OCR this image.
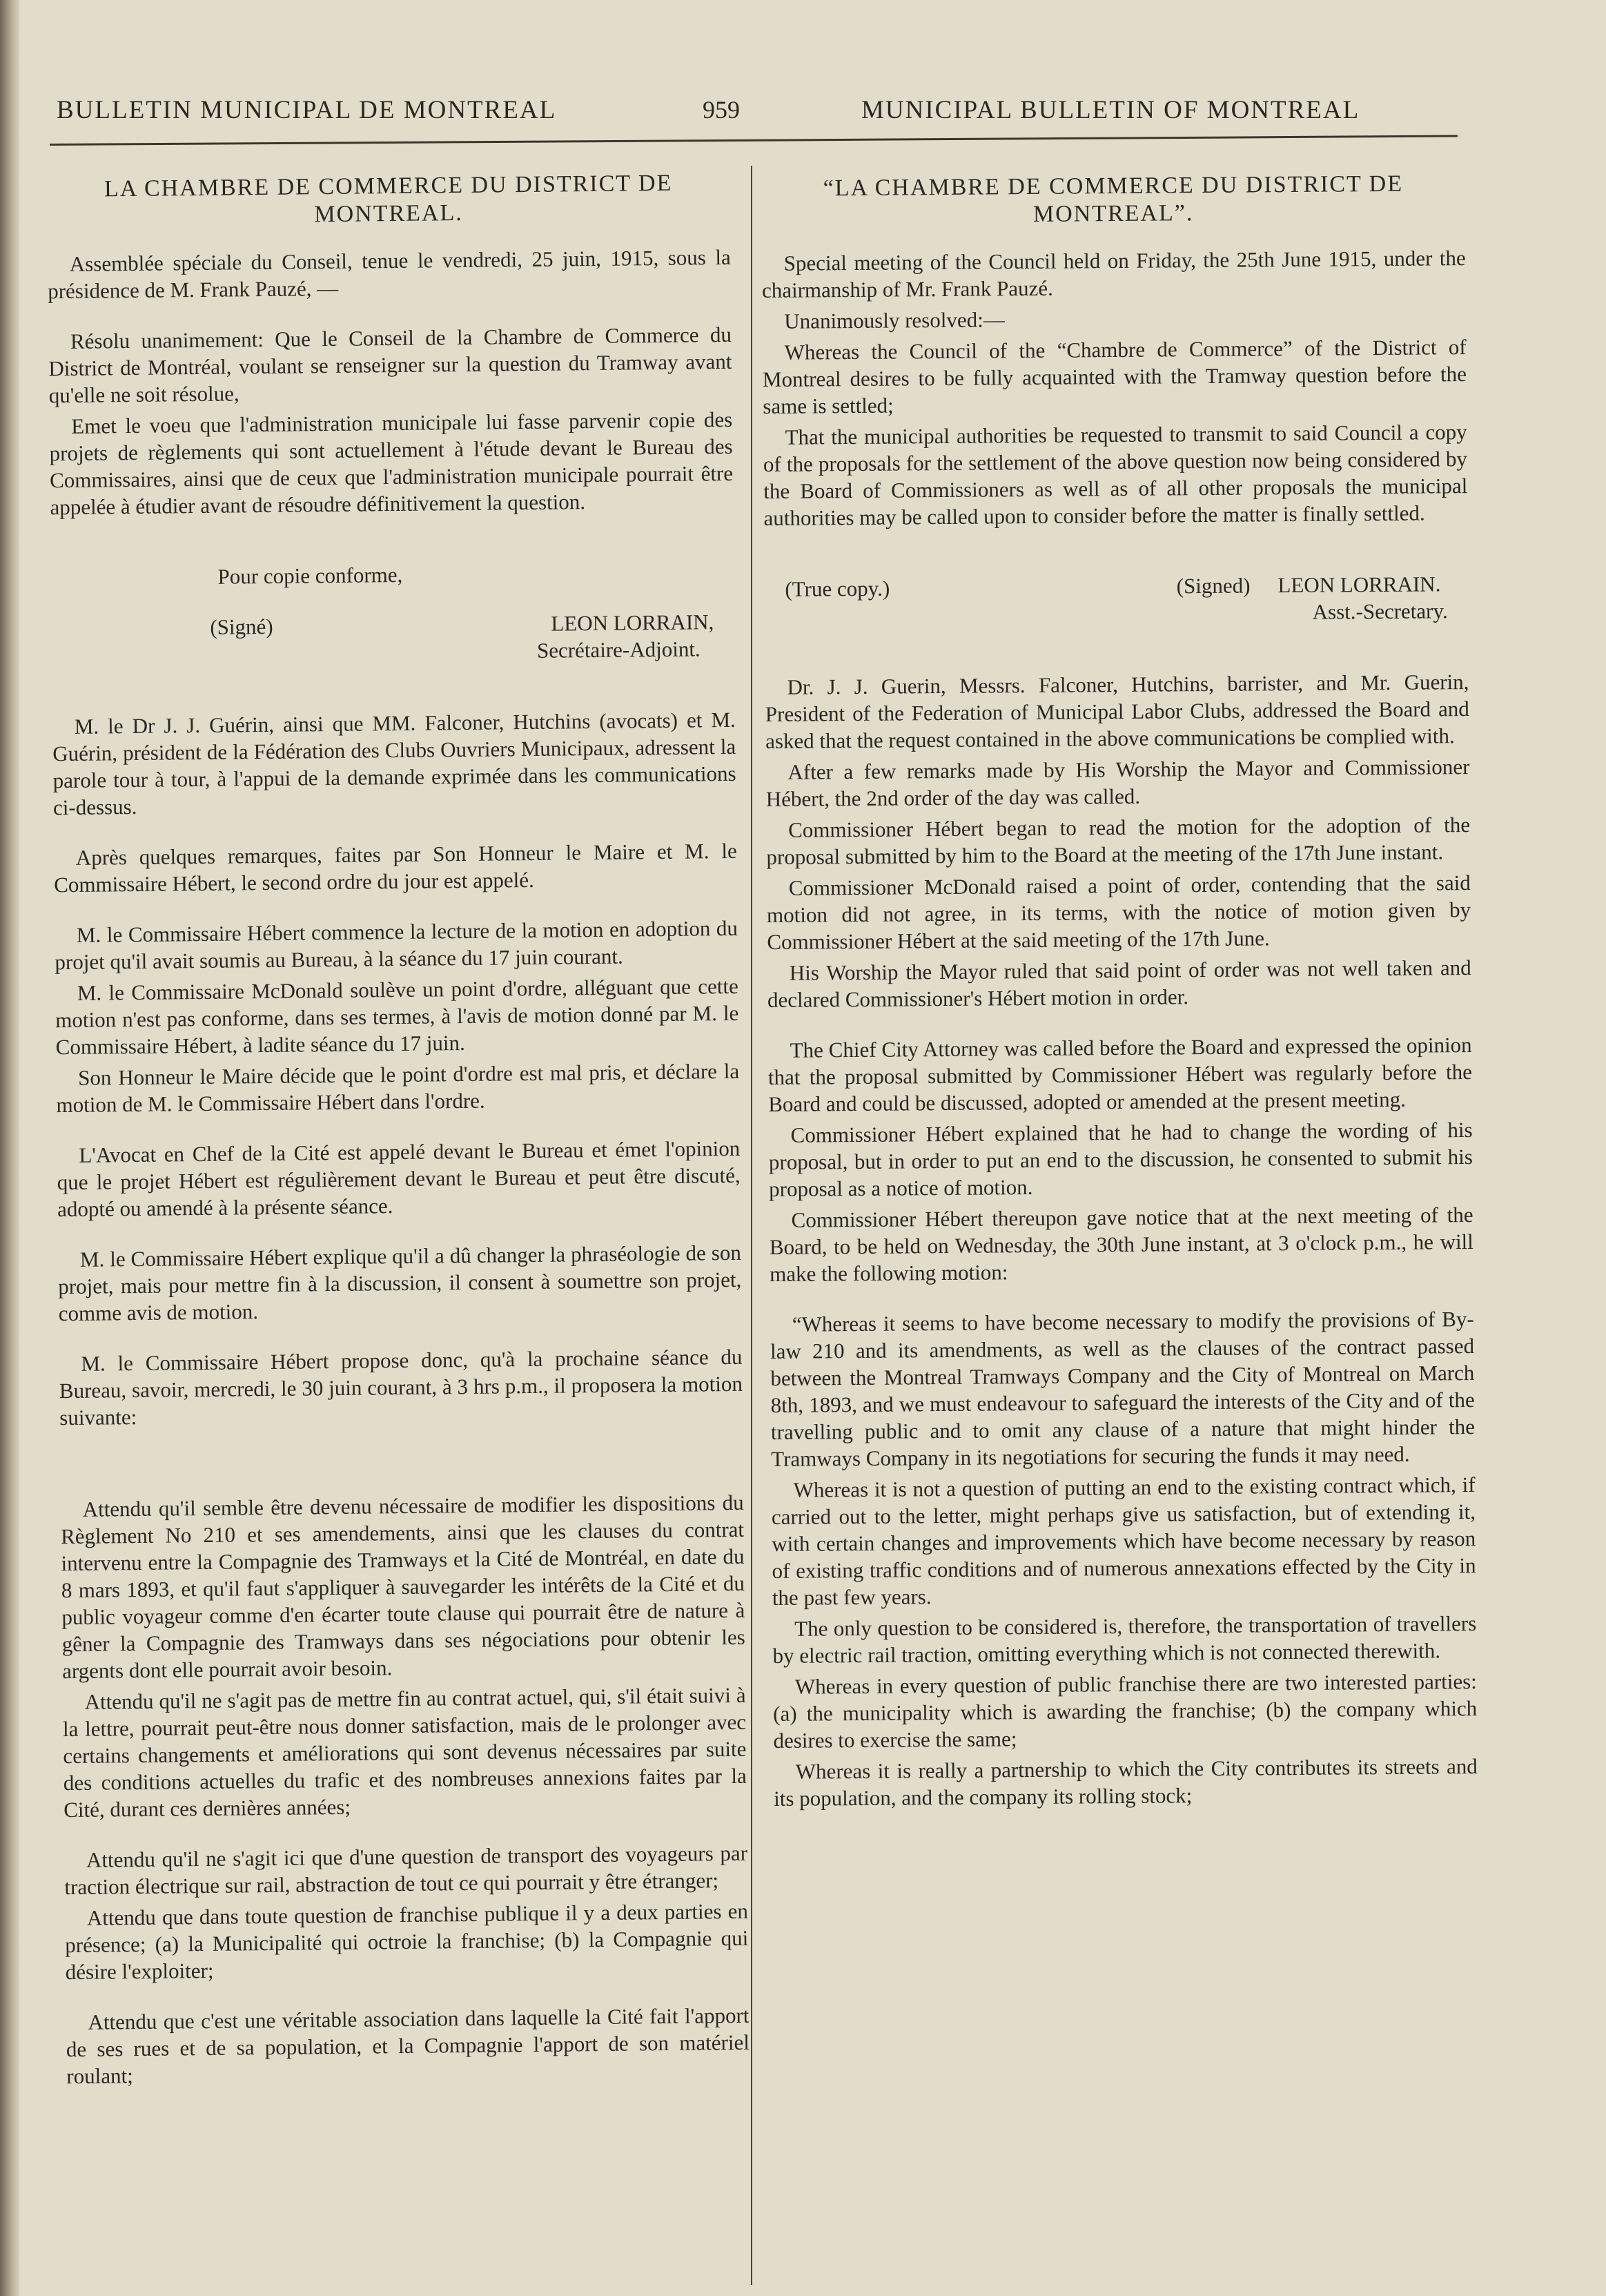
BULLETIN MUNICIPAL DE MONTREAL	959	MUNICIPAL BULLETIN OF MONTREAL

LA CHAMBRE DE COMMERCE DU DISTRICT DE MONTREAL.

Assemblée spéciale du Conseil, tenue le vendredi, 25 juin, 1915, sous la présidence de M. Frank Pauzé, —

Résolu unanimement: Que le Conseil de la Chambre de Commerce du District de Montréal, voulant se renseigner sur la question du Tramway avant qu'elle ne soit résolue,

Emet le voeu que l'administration municipale lui fasse parvenir copie des projets de règlements qui sont actuellement à l'étude devant le Bureau des Commissaires, ainsi que de ceux que l'administration municipale pourrait être appelée à étudier avant de résoudre définitivement la question.

Pour copie conforme,

(Signé)	LEON LORRAIN,

Secrétaire-Adjoint.

M. le Dr J. J. Guérin, ainsi que MM. Falconer, Hutchins (avocats) et M. Guérin, président de la Fédération des Clubs Ouvriers Municipaux, adressent la parole tour à tour, à l'appui de la demande exprimée dans les communications ci-dessus.

Après quelques remarques, faites par Son Honneur le Maire et M. le Commissaire Hébert, le second ordre du jour est appelé.

M. le Commissaire Hébert commence la lecture de la motion en adoption du projet qu'il avait soumis au Bureau, à la séance du 17 juin courant.

M. le Commissaire McDonald soulève un point d'ordre, alléguant que cette motion n'est pas conforme, dans ses termes, à l'avis de motion donné par M. le Commissaire Hébert, à ladite séance du 17 juin.

Son Honneur le Maire décide que le point d'ordre est mal pris, et déclare la motion de M. le Commissaire Hébert dans l'ordre.

L'Avocat en Chef de la Cité est appelé devant le Bureau et émet l'opinion que le projet Hébert est régulièrement devant le Bureau et peut être discuté, adopté ou amendé à la présente séance.

M. le Commissaire Hébert explique qu'il a dû changer la phraséologie de son projet, mais pour mettre fin à la discussion, il consent à soumettre son projet, comme avis de motion.

M. le Commissaire Hébert propose donc, qu'à la prochaine séance du Bureau, savoir, mercredi, le 30 juin courant, à 3 hrs p.m., il proposera la motion suivante:

Attendu qu'il semble être devenu nécessaire de modifier les dispositions du Règlement No 210 et ses amendements, ainsi que les clauses du contrat intervenu entre la Compagnie des Tramways et la Cité de Montréal, en date du 8 mars 1893, et qu'il faut s'appliquer à sauvegarder les intérêts de la Cité et du public voyageur comme d'en écarter toute clause qui pourrait être de nature à gêner la Compagnie des Tramways dans ses négociations pour obtenir les argents dont elle pourrait avoir besoin.

Attendu qu'il ne s'agit pas de mettre fin au contrat actuel, qui, s'il était suivi à la lettre, pourrait peut-être nous donner satisfaction, mais de le prolonger avec certains changements et améliorations qui sont devenus nécessaires par suite des conditions actuelles du trafic et des nombreuses annexions faites par la Cité, durant ces dernières années;

Attendu qu'il ne s'agit ici que d'une question de transport des voyageurs par traction électrique sur rail, abstraction de tout ce qui pourrait y être étranger;

Attendu que dans toute question de franchise publique il y a deux parties en présence; (a) la Municipalité qui octroie la franchise; (b) la Compagnie qui désire l'exploiter;

Attendu que c'est une véritable association dans laquelle la Cité fait l'apport de ses rues et de sa population, et la Compagnie l'apport de son matériel roulant;

“LA CHAMBRE DE COMMERCE DU DISTRICT DE MONTREAL”.

Special meeting of the Council held on Friday, the 25th June 1915, under the chairmanship of Mr. Frank Pauzé.

Unanimously resolved:—

Whereas the Council of the “Chambre de Commerce” of the District of Montreal desires to be fully acquainted with the Tramway question before the same is settled;

That the municipal authorities be requested to transmit to said Council a copy of the proposals for the settlement of the above question now being considered by the Board of Commissioners as well as of all other proposals the municipal authorities may be called upon to consider before the matter is finally settled.

(True copy.)	(Signed) LEON LORRAIN.

Asst.-Secretary.

Dr. J. J. Guerin, Messrs. Falconer, Hutchins, barrister, and Mr. Guerin, President of the Federation of Municipal Labor Clubs, addressed the Board and asked that the request contained in the above communications be complied with.

After a few remarks made by His Worship the Mayor and Commissioner Hébert, the 2nd order of the day was called.

Commissioner Hébert began to read the motion for the adoption of the proposal submitted by him to the Board at the meeting of the 17th June instant.

Commissioner McDonald raised a point of order, contending that the said motion did not agree, in its terms, with the notice of motion given by Commissioner Hébert at the said meeting of the 17th June.

His Worship the Mayor ruled that said point of order was not well taken and declared Commissioner's Hébert motion in order.

The Chief City Attorney was called before the Board and expressed the opinion that the proposal submitted by Commissioner Hébert was regularly before the Board and could be discussed, adopted or amended at the present meeting.

Commissioner Hébert explained that he had to change the wording of his proposal, but in order to put an end to the discussion, he consented to submit his proposal as a notice of motion.

Commissioner Hébert thereupon gave notice that at the next meeting of the Board, to be held on Wednesday, the 30th June instant, at 3 o'clock p.m., he will make the following motion:

“Whereas it seems to have become necessary to modify the provisions of By-law 210 and its amendments, as well as the clauses of the contract passed between the Montreal Tramways Company and the City of Montreal on March 8th, 1893, and we must endeavour to safeguard the interests of the City and of the travelling public and to omit any clause of a nature that might hinder the Tramways Company in its negotiations for securing the funds it may need.

Whereas it is not a question of putting an end to the existing contract which, if carried out to the letter, might perhaps give us satisfaction, but of extending it, with certain changes and improvements which have become necessary by reason of existing traffic conditions and of numerous annexations effected by the City in the past few years.

The only question to be considered is, therefore, the transportation of travellers by electric rail traction, omitting everything which is not connected therewith.

Whereas in every question of public franchise there are two interested parties: (a) the municipality which is awarding the franchise; (b) the company which desires to exercise the same;

Whereas it is really a partnership to which the City contributes its streets and its population, and the company its rolling stock;
